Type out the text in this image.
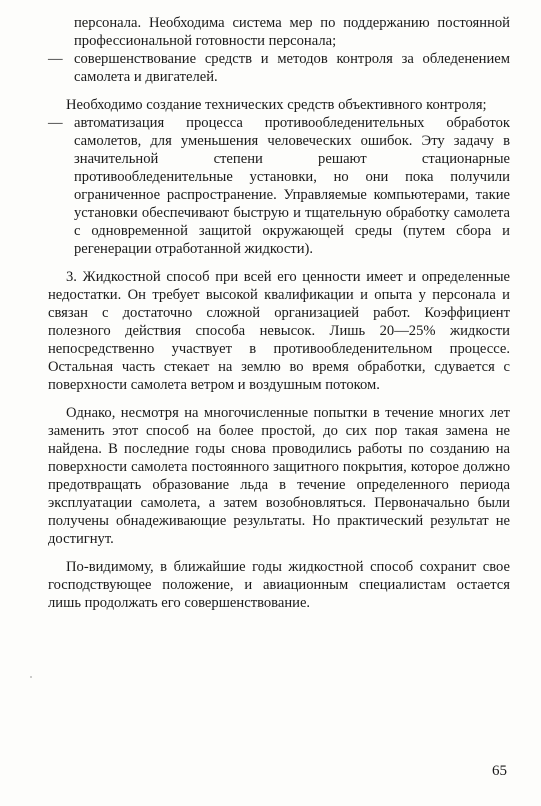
персонала. Необходима система мер по поддержанию постоянной профессиональной готовности персонала;
— совершенствование средств и методов контроля за обледенением самолета и двигателей.
Необходимо создание технических средств объективного контроля;
— автоматизация процесса противообледенительных обработок самолетов, для уменьшения человеческих ошибок. Эту задачу в значительной степени решают стационарные противообледенительные установки, но они пока получили ограниченное распространение. Управляемые компьютерами, такие установки обеспечивают быструю и тщательную обработку самолета с одновременной защитой окружающей среды (путем сбора и регенерации отработанной жидкости).
3. Жидкостной способ при всей его ценности имеет и определенные недостатки. Он требует высокой квалификации и опыта у персонала и связан с достаточно сложной организацией работ. Коэффициент полезного действия способа невысок. Лишь 20—25% жидкости непосредственно участвует в противообледенительном процессе. Остальная часть стекает на землю во время обработки, сдувается с поверхности самолета ветром и воздушным потоком.
Однако, несмотря на многочисленные попытки в течение многих лет заменить этот способ на более простой, до сих пор такая замена не найдена. В последние годы снова проводились работы по созданию на поверхности самолета постоянного защитного покрытия, которое должно предотвращать образование льда в течение определенного периода эксплуатации самолета, а затем возобновляться. Первоначально были получены обнадеживающие результаты. Но практический результат не достигнут.
По-видимому, в ближайшие годы жидкостной способ сохранит свое господствующее положение, и авиационным специалистам остается лишь продолжать его совершенствование.
65
